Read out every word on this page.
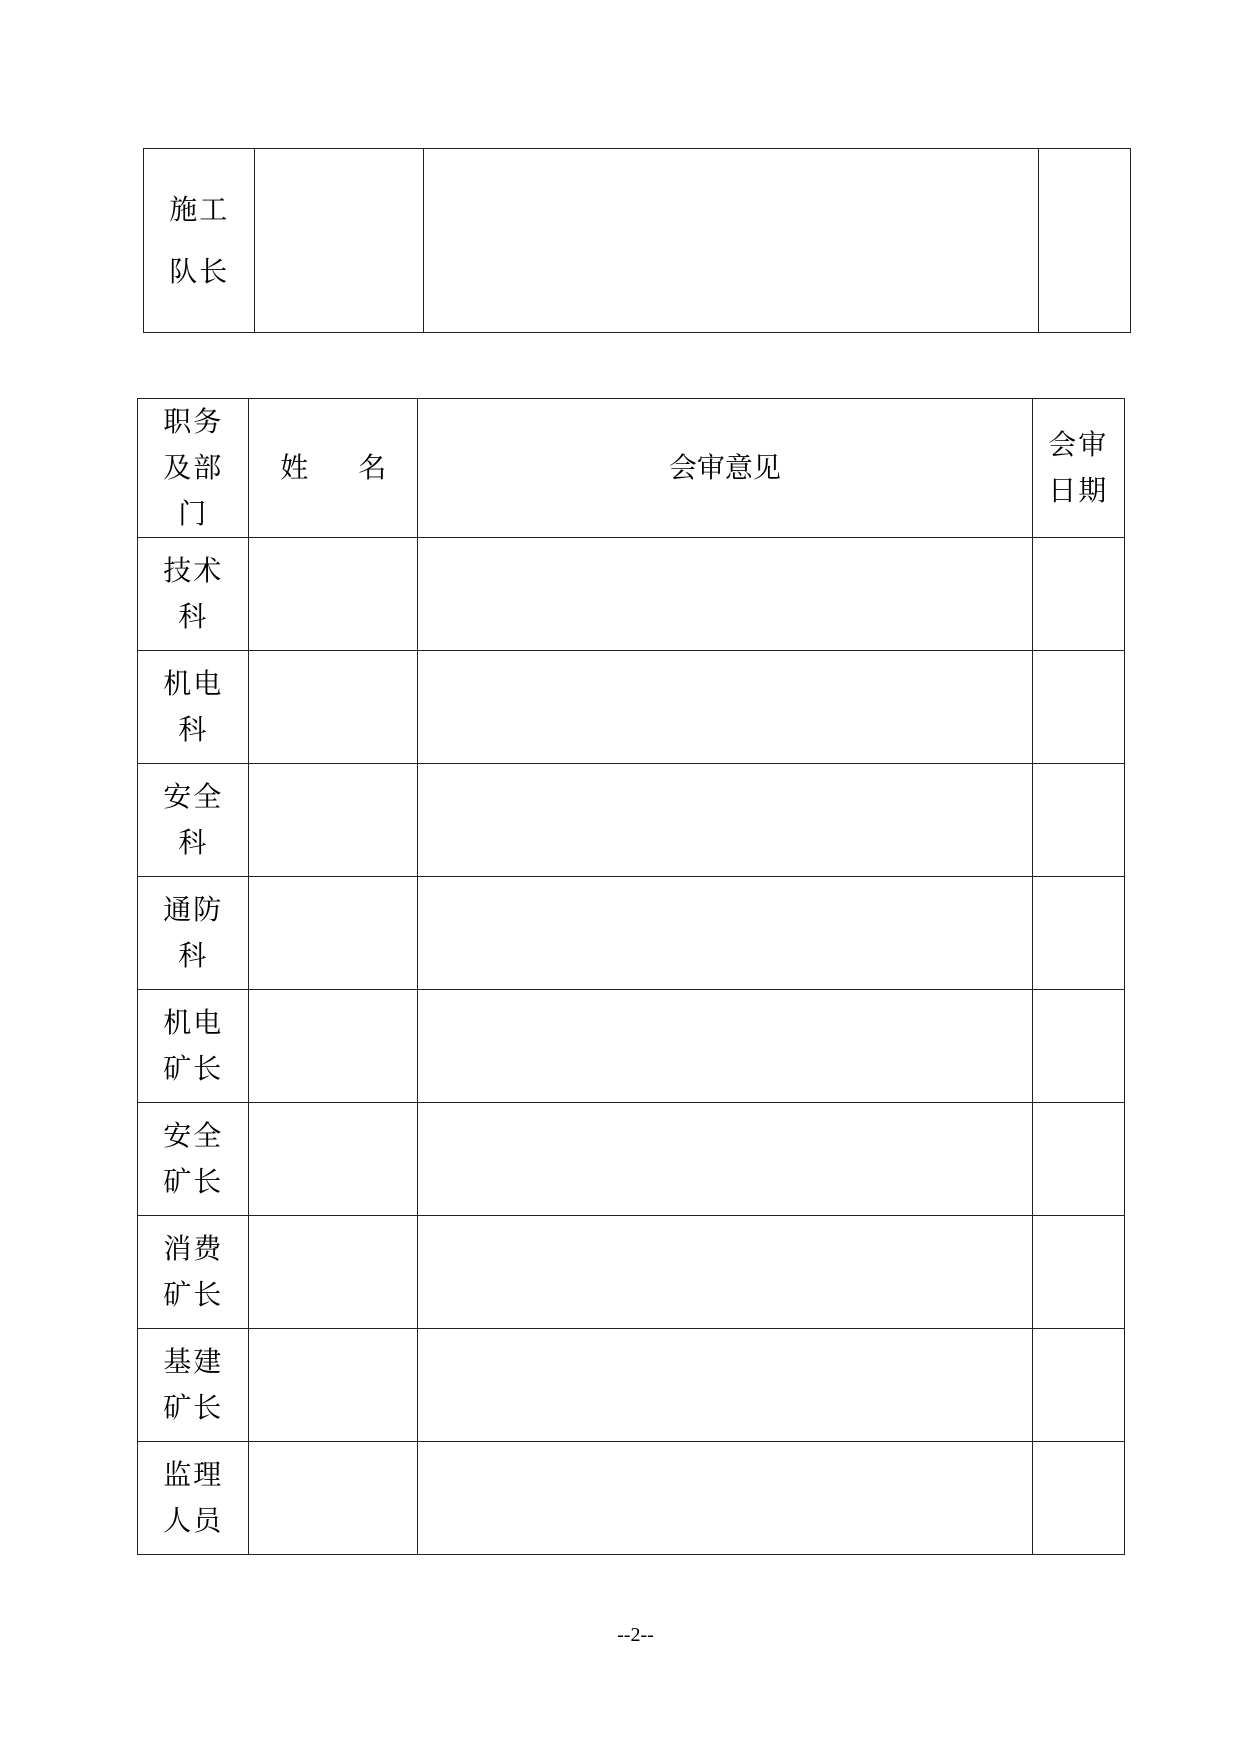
施工队长			
职务及部门	姓 名	会审意见	会审日期
技术科			
机电科			
安全科			
通防科			
机电矿长			
安全矿长			
消费矿长			
基建矿长			
监理人员			
--2--
